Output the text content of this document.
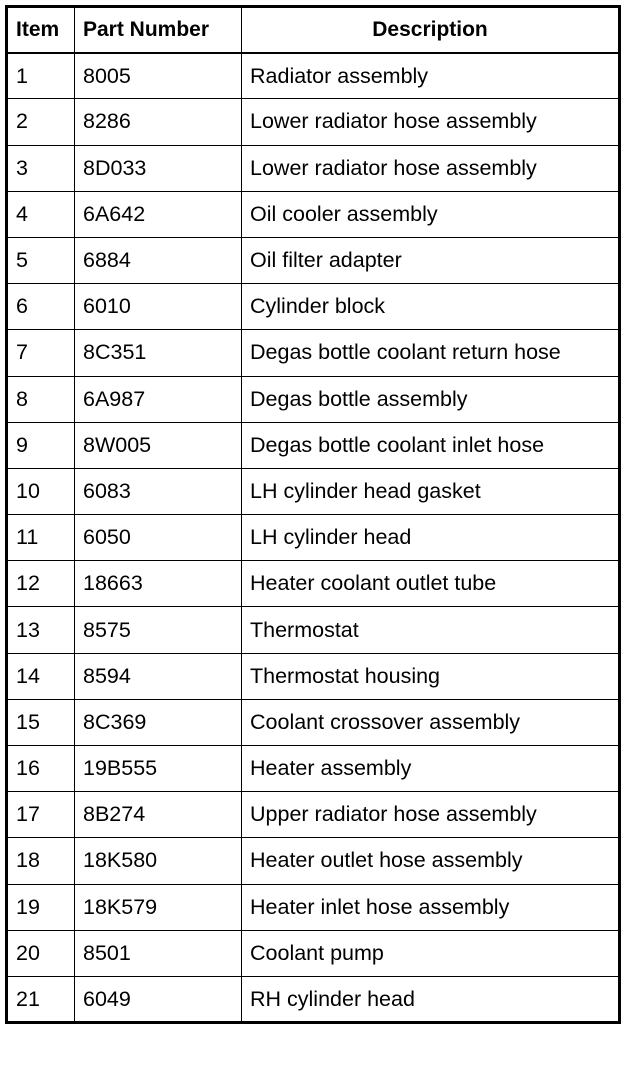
Item	Part Number	Description
1	8005	Radiator assembly
2	8286	Lower radiator hose assembly
3	8D033	Lower radiator hose assembly
4	6A642	Oil cooler assembly
5	6884	Oil filter adapter
6	6010	Cylinder block
7	8C351	Degas bottle coolant return hose
8	6A987	Degas bottle assembly
9	8W005	Degas bottle coolant inlet hose
10	6083	LH cylinder head gasket
11	6050	LH cylinder head
12	18663	Heater coolant outlet tube
13	8575	Thermostat
14	8594	Thermostat housing
15	8C369	Coolant crossover assembly
16	19B555	Heater assembly
17	8B274	Upper radiator hose assembly
18	18K580	Heater outlet hose assembly
19	18K579	Heater inlet hose assembly
20	8501	Coolant pump
21	6049	RH cylinder head
